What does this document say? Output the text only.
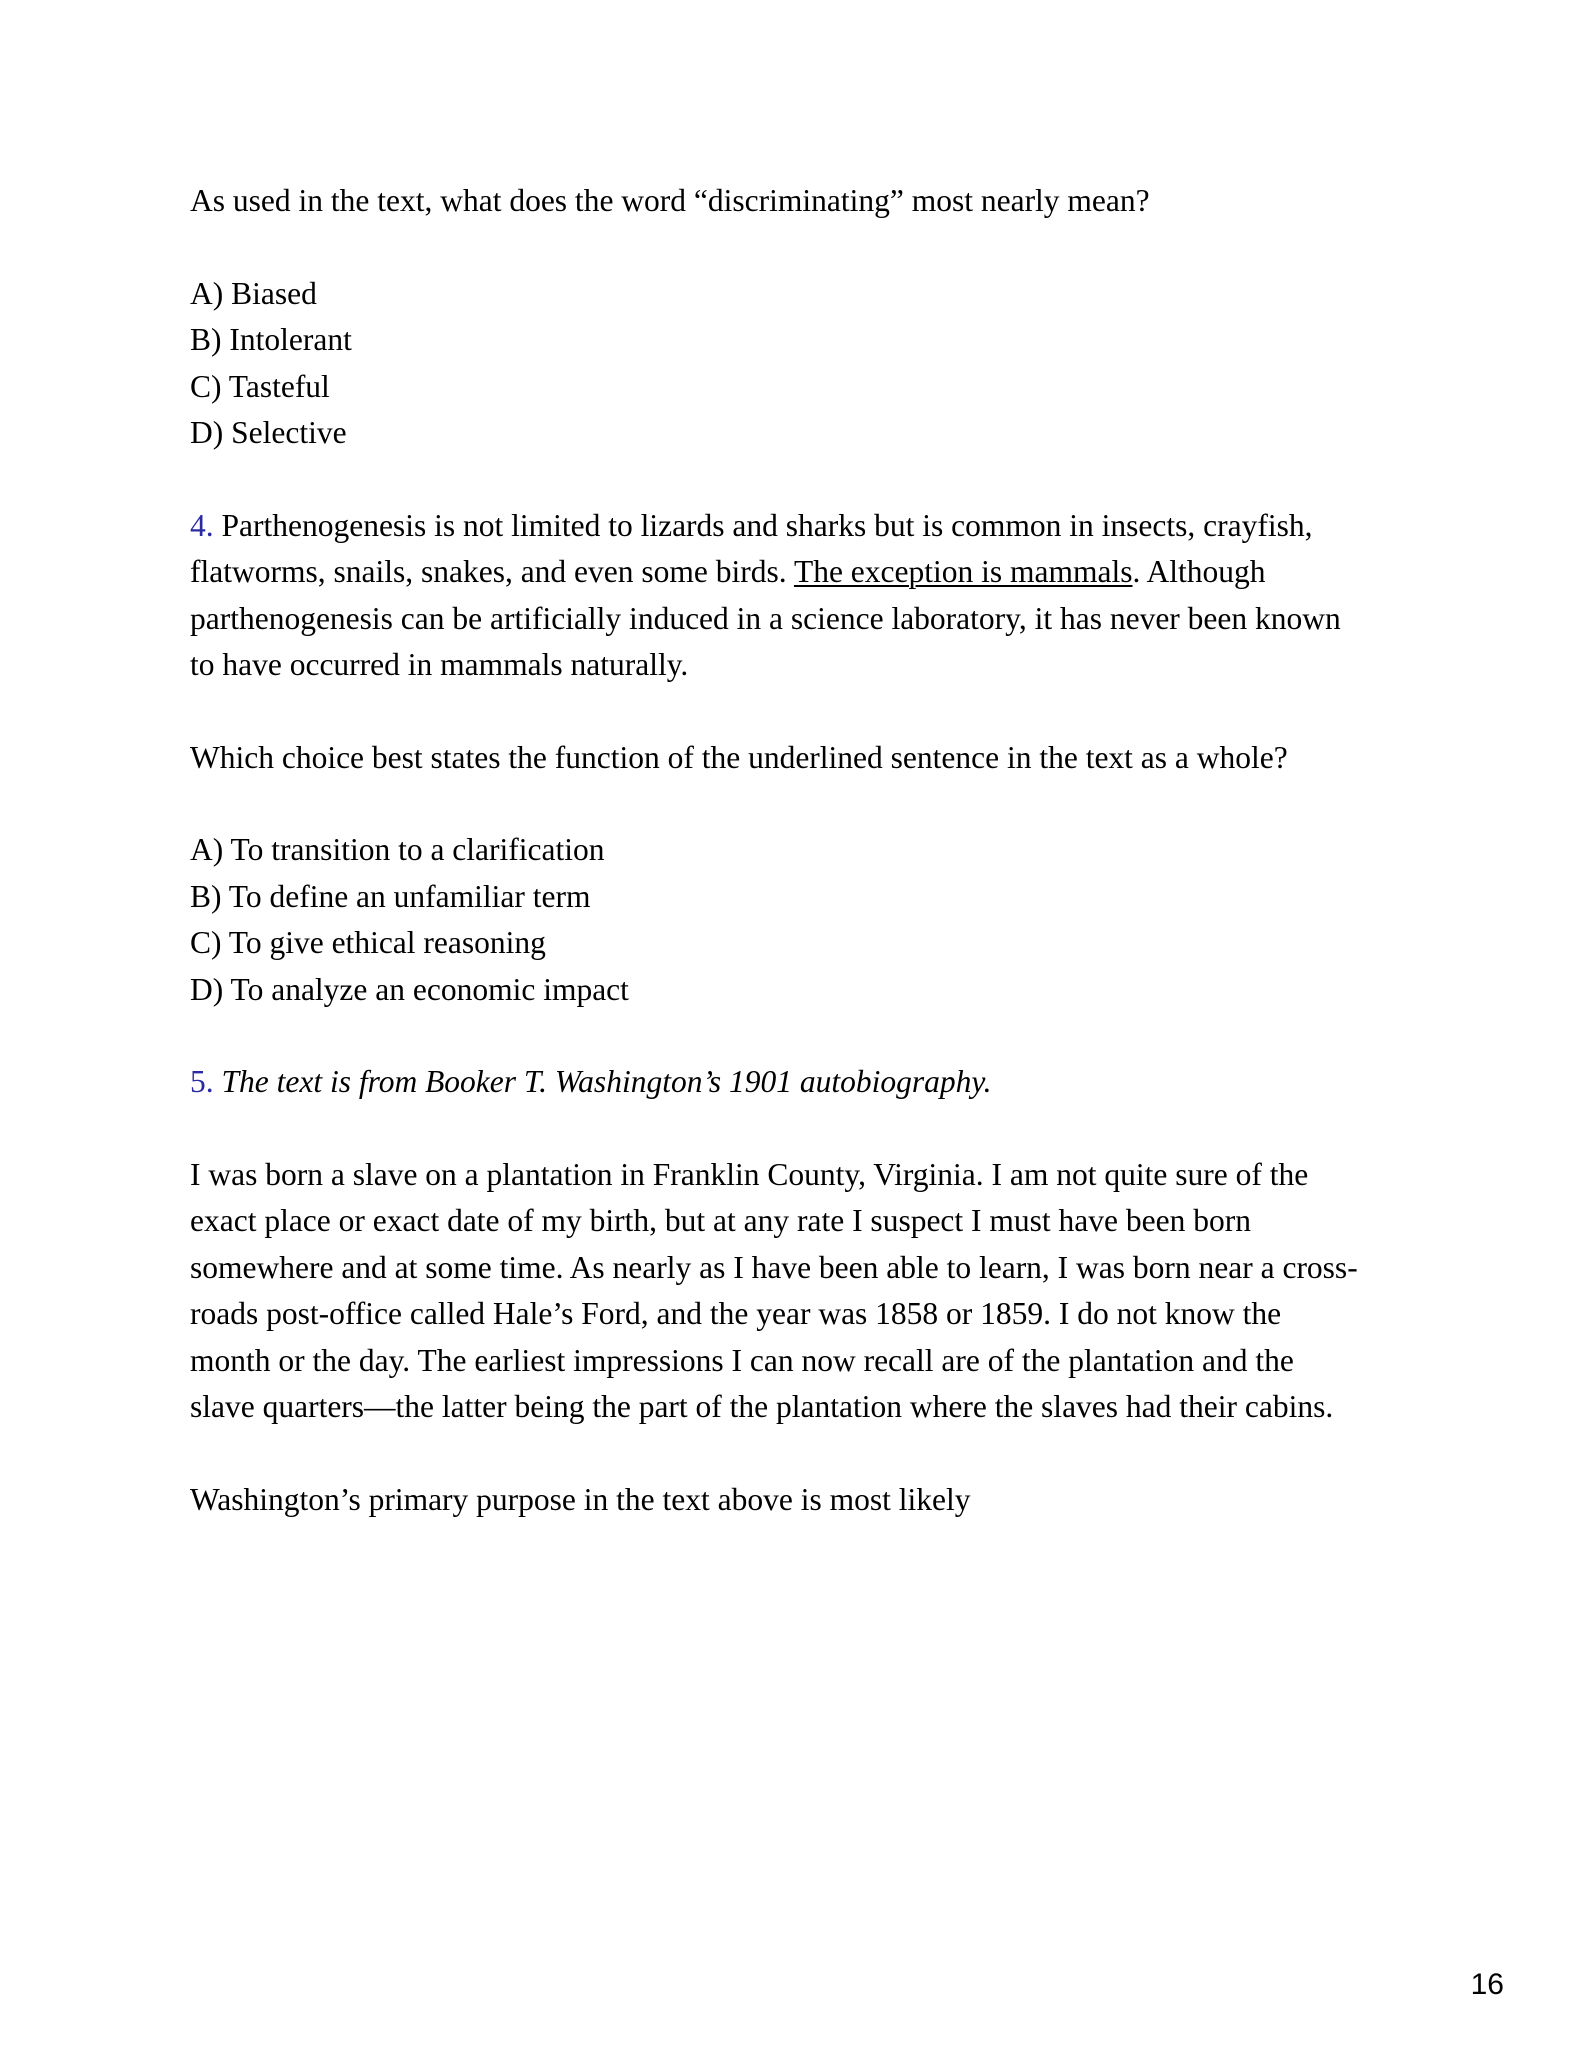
As used in the text, what does the word “discriminating” most nearly mean?
A) Biased
B) Intolerant
C) Tasteful
D) Selective
4. Parthenogenesis is not limited to lizards and sharks but is common in insects, crayfish, flatworms, snails, snakes, and even some birds. The exception is mammals. Although parthenogenesis can be artificially induced in a science laboratory, it has never been known to have occurred in mammals naturally.
Which choice best states the function of the underlined sentence in the text as a whole?
A) To transition to a clarification
B) To define an unfamiliar term
C) To give ethical reasoning
D) To analyze an economic impact
5. The text is from Booker T. Washington’s 1901 autobiography.
I was born a slave on a plantation in Franklin County, Virginia. I am not quite sure of the exact place or exact date of my birth, but at any rate I suspect I must have been born somewhere and at some time. As nearly as I have been able to learn, I was born near a cross-roads post-office called Hale’s Ford, and the year was 1858 or 1859. I do not know the month or the day. The earliest impressions I can now recall are of the plantation and the slave quarters—the latter being the part of the plantation where the slaves had their cabins.
Washington’s primary purpose in the text above is most likely
16
